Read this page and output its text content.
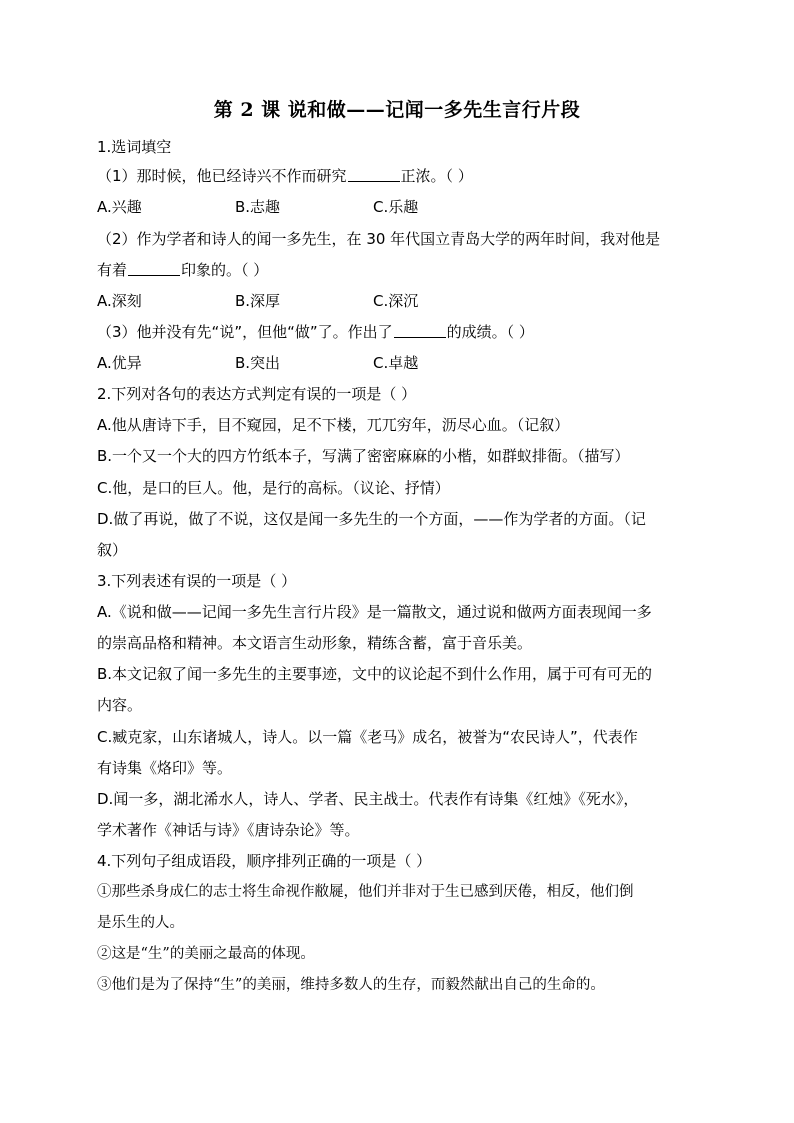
第 2 课 说和做——记闻一多先生言行片段
1.选词填空
（1）那时候，他已经诗兴不作而研究	正浓。（ ）
A.兴趣	B.志趣	C.乐趣
（2）作为学者和诗人的闻一多先生，在 30 年代国立青岛大学的两年时间，我对他是
有着	印象的。（ ）
A.深刻	B.深厚	C.深沉
（3）他并没有先“说”，但他“做”了。作出了	的成绩。（ ）
A.优异	B.突出	C.卓越
2.下列对各句的表达方式判定有误的一项是（ ）
A.他从唐诗下手，目不窥园，足不下楼，兀兀穷年，沥尽心血。（记叙）
B.一个又一个大的四方竹纸本子，写满了密密麻麻的小楷，如群蚁排衙。（描写）
C.他，是口的巨人。他，是行的高标。（议论、抒情）
D.做了再说，做了不说，这仅是闻一多先生的一个方面，——作为学者的方面。（记
叙）
3.下列表述有误的一项是（ ）
A.《说和做——记闻一多先生言行片段》是一篇散文，通过说和做两方面表现闻一多
的崇高品格和精神。本文语言生动形象，精练含蓄，富于音乐美。
B.本文记叙了闻一多先生的主要事迹，文中的议论起不到什么作用，属于可有可无的
内容。
C.臧克家，山东诸城人，诗人。以一篇《老马》成名，被誉为“农民诗人”，代表作
有诗集《烙印》等。
D.闻一多，湖北浠水人，诗人、学者、民主战士。代表作有诗集《红烛》《死水》，
学术著作《神话与诗》《唐诗杂论》等。
4.下列句子组成语段，顺序排列正确的一项是（ ）
①那些杀身成仁的志士将生命视作敝屣，他们并非对于生已感到厌倦，相反，他们倒
是乐生的人。
②这是“生”的美丽之最高的体现。
③他们是为了保持“生”的美丽，维持多数人的生存，而毅然献出自己的生命的。
